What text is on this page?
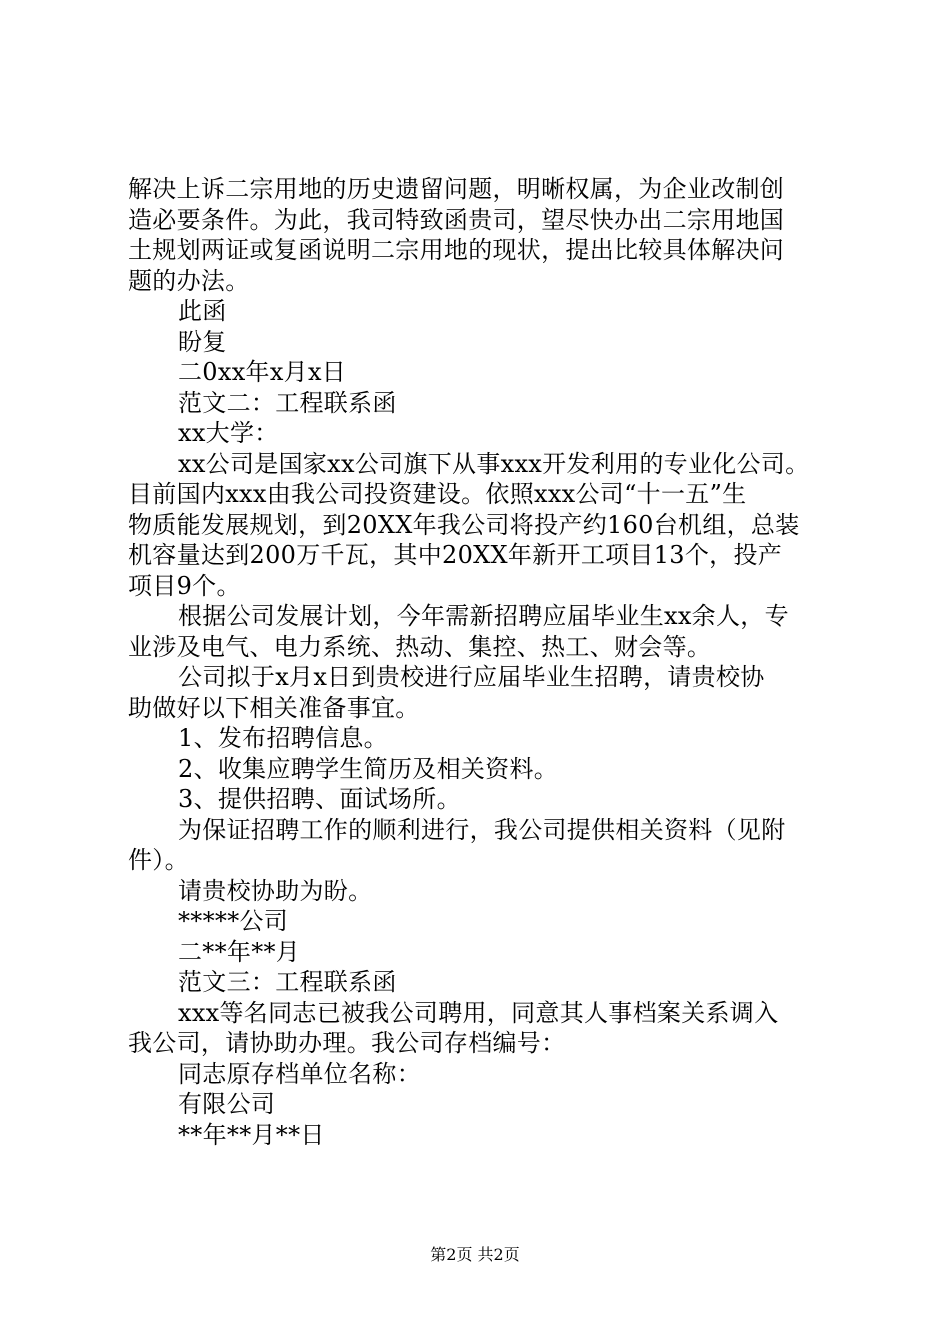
解决上诉二宗用地的历史遗留问题，明晰权属，为企业改制创
造必要条件。为此，我司特致函贵司，望尽快办出二宗用地国
土规划两证或复函说明二宗用地的现状，提出比较具体解决问
题的办法。
此函
盼复
二0xx年x月x日
范文二：工程联系函
xx大学：
xx公司是国家xx公司旗下从事xxx开发利用的专业化公司。
目前国内xxx由我公司投资建设。依照xxx公司“十一五”生
物质能发展规划，到20XX年我公司将投产约160台机组，总装
机容量达到200万千瓦，其中20XX年新开工项目13个，投产
项目9个。
根据公司发展计划，今年需新招聘应届毕业生xx余人，专
业涉及电气、电力系统、热动、集控、热工、财会等。
公司拟于x月x日到贵校进行应届毕业生招聘，请贵校协
助做好以下相关准备事宜。
1、发布招聘信息。
2、收集应聘学生简历及相关资料。
3、提供招聘、面试场所。
为保证招聘工作的顺利进行，我公司提供相关资料（见附
件）。
请贵校协助为盼。
*****公司
二**年**月
范文三：工程联系函
xxx等名同志已被我公司聘用，同意其人事档案关系调入
我公司，请协助办理。我公司存档编号：
同志原存档单位名称：
有限公司
**年**月**日
第2页 共2页
